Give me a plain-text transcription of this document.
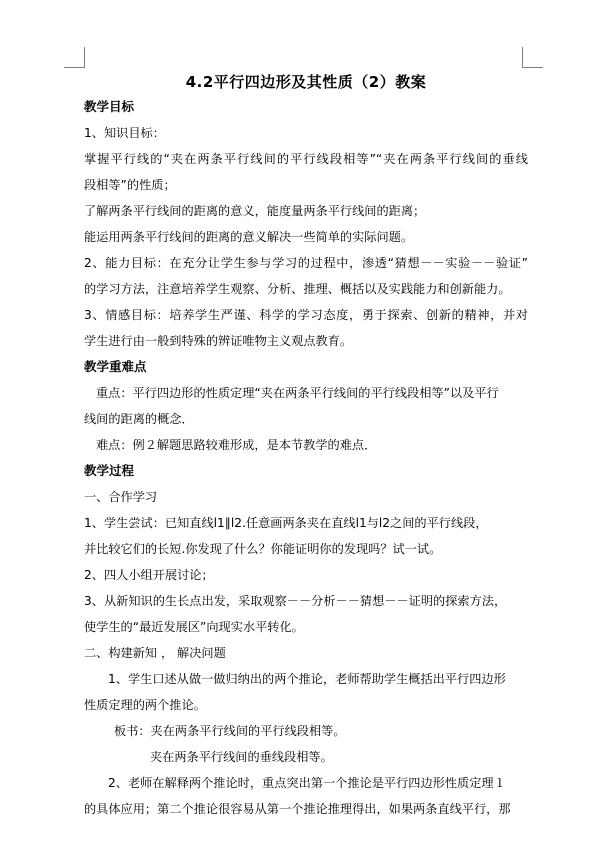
4.2平行四边形及其性质（2）教案
教学目标
1、知识目标：
掌握平行线的“夹在两条平行线间的平行线段相等”“夹在两条平行线间的垂线
段相等”的性质；
了解两条平行线间的距离的意义，能度量两条平行线间的距离；
能运用两条平行线间的距离的意义解决一些简单的实际问题。
2、能力目标：在充分让学生参与学习的过程中，渗透“猜想－－实验－－验证”
的学习方法，注意培养学生观察、分析、推理、概括以及实践能力和创新能力。
3、情感目标：培养学生严谨、科学的学习态度，勇于探索、创新的精神，并对
学生进行由一般到特殊的辨证唯物主义观点教育。
教学重难点
重点：平行四边形的性质定理“夹在两条平行线间的平行线段相等”以及平行
线间的距离的概念．
难点：例２解题思路较难形成，是本节教学的难点．
教学过程
一、合作学习
1、学生尝试：已知直线l1∥l2.任意画两条夹在直线l1与l2之间的平行线段，
并比较它们的长短.你发现了什么？你能证明你的发现吗？试一试。
2、四人小组开展讨论；
3、从新知识的生长点出发，采取观察－－分析－－猜想－－证明的探索方法，
使学生的“最近发展区”向现实水平转化。
二、构建新知 ， 解决问题
1、学生口述从做一做归纳出的两个推论，老师帮助学生概括出平行四边形
性质定理的两个推论。
板书：夹在两条平行线间的平行线段相等。
夹在两条平行线间的垂线段相等。
2、老师在解释两个推论时，重点突出第一个推论是平行四边形性质定理１
的具体应用；第二个推论很容易从第一个推论推理得出，如果两条直线平行，那
